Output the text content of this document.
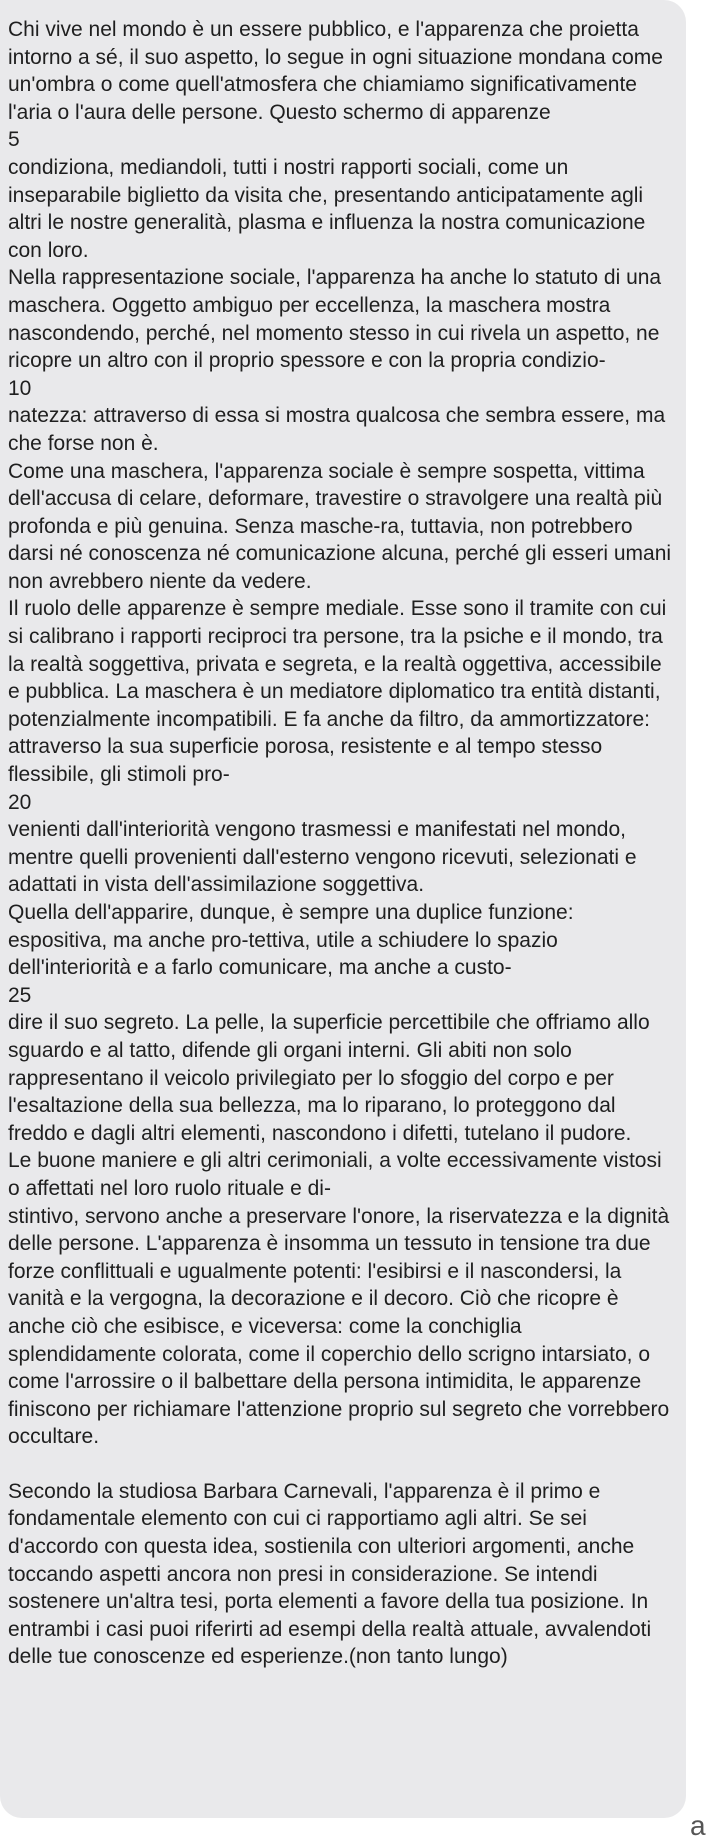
Chi vive nel mondo è un essere pubblico, e l'apparenza che proietta intorno a sé, il suo aspetto, lo segue in ogni situazione mondana come un'ombra o come quell'atmosfera che chiamiamo significativamente l'aria o l'aura delle persone. Questo schermo di apparenze

5

condiziona, mediandoli, tutti i nostri rapporti sociali, come un inseparabile biglietto da visita che, presentando anticipatamente agli altri le nostre generalità, plasma e influenza la nostra comunicazione con loro.

Nella rappresentazione sociale, l'apparenza ha anche lo statuto di una maschera. Oggetto ambiguo per eccellenza, la maschera mostra nascondendo, perché, nel momento stesso in cui rivela un aspetto, ne ricopre un altro con il proprio spessore e con la propria condizio-

10

natezza: attraverso di essa si mostra qualcosa che sembra essere, ma che forse non è.

Come una maschera, l'apparenza sociale è sempre sospetta, vittima dell'accusa di celare, deformare, travestire o stravolgere una realtà più profonda e più genuina. Senza masche-ra, tuttavia, non potrebbero darsi né conoscenza né comunicazione alcuna, perché gli esseri umani non avrebbero niente da vedere.

Il ruolo delle apparenze è sempre mediale. Esse sono il tramite con cui si calibrano i rapporti reciproci tra persone, tra la psiche e il mondo, tra la realtà soggettiva, privata e segreta, e la realtà oggettiva, accessibile e pubblica. La maschera è un mediatore diplomatico tra entità distanti, potenzialmente incompatibili. E fa anche da filtro, da ammortizzatore: attraverso la sua superficie porosa, resistente e al tempo stesso flessibile, gli stimoli pro-

20

venienti dall'interiorità vengono trasmessi e manifestati nel mondo, mentre quelli provenienti dall'esterno vengono ricevuti, selezionati e adattati in vista dell'assimilazione soggettiva.

Quella dell'apparire, dunque, è sempre una duplice funzione: espositiva, ma anche pro-tettiva, utile a schiudere lo spazio dell'interiorità e a farlo comunicare, ma anche a custo-

25

dire il suo segreto. La pelle, la superficie percettibile che offriamo allo sguardo e al tatto, difende gli organi interni. Gli abiti non solo rappresentano il veicolo privilegiato per lo sfoggio del corpo e per l'esaltazione della sua bellezza, ma lo riparano, lo proteggono dal freddo e dagli altri elementi, nascondono i difetti, tutelano il pudore.

Le buone maniere e gli altri cerimoniali, a volte eccessivamente vistosi o affettati nel loro ruolo rituale e di-

stintivo, servono anche a preservare l'onore, la riservatezza e la dignità delle persone. L'apparenza è insomma un tessuto in tensione tra due forze conflittuali e ugualmente potenti: l'esibirsi e il nascondersi, la vanità e la vergogna, la decorazione e il decoro. Ciò che ricopre è anche ciò che esibisce, e viceversa: come la conchiglia splendidamente colorata, come il coperchio dello scrigno intarsiato, o come l'arrossire o il balbettare della persona intimidita, le apparenze finiscono per richiamare l'attenzione proprio sul segreto che vorrebbero occultare.

Secondo la studiosa Barbara Carnevali, l'apparenza è il primo e fondamentale elemento con cui ci rapportiamo agli altri. Se sei d'accordo con questa idea, sostienila con ulteriori argomenti, anche toccando aspetti ancora non presi in considerazione. Se intendi sostenere un'altra tesi, porta elementi a favore della tua posizione. In entrambi i casi puoi riferirti ad esempi della realtà attuale, avvalendoti delle tue conoscenze ed esperienze.(non tanto lungo)

a
